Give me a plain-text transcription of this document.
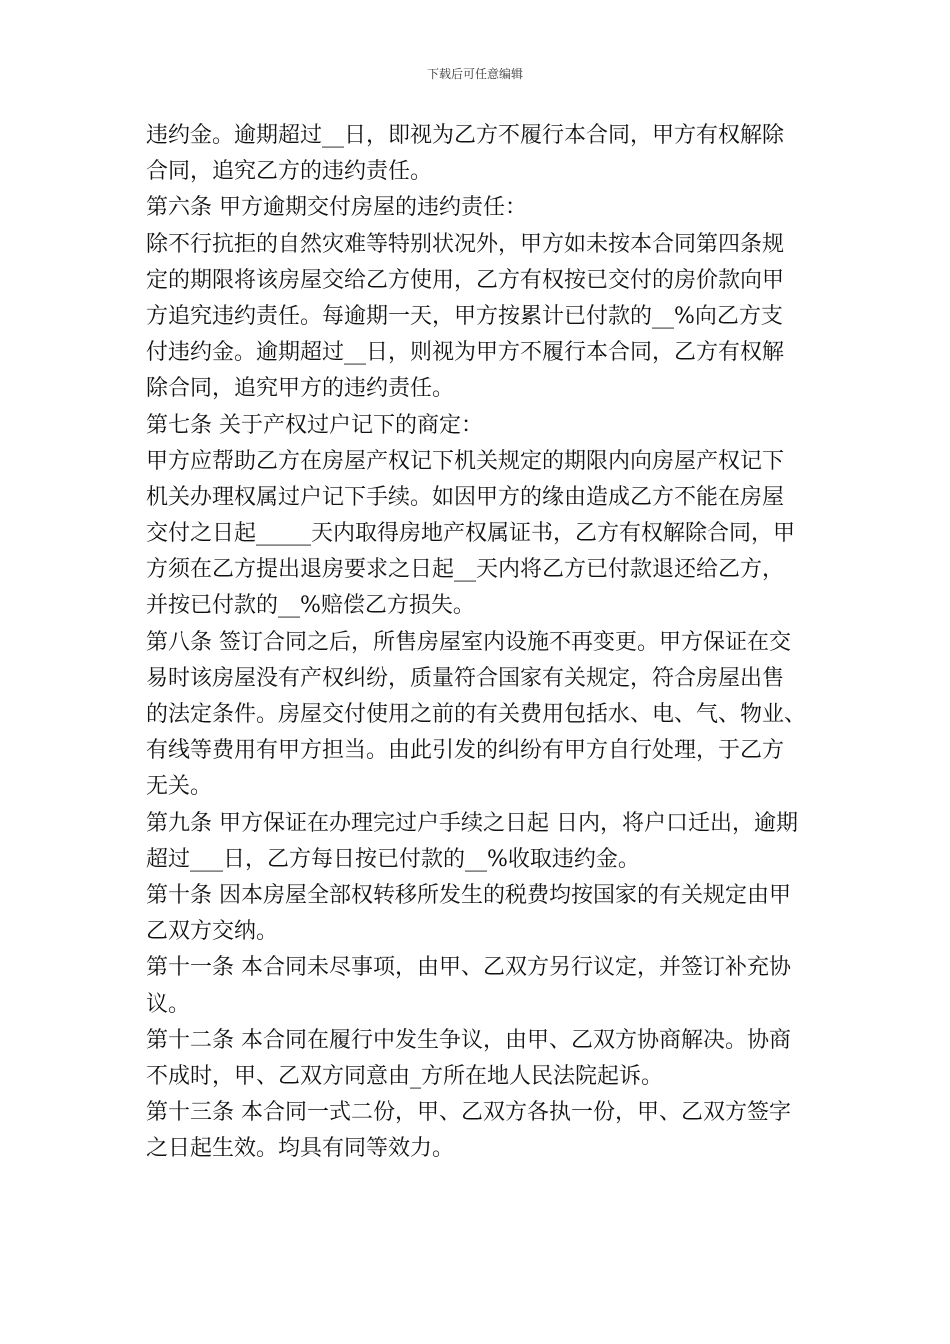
下载后可任意编辑
违约金。逾期超过__日，即视为乙方不履行本合同，甲方有权解除
合同，追究乙方的违约责任。
第六条 甲方逾期交付房屋的违约责任：
除不行抗拒的自然灾难等特别状况外，甲方如未按本合同第四条规
定的期限将该房屋交给乙方使用，乙方有权按已交付的房价款向甲
方追究违约责任。每逾期一天，甲方按累计已付款的__%向乙方支
付违约金。逾期超过__日，则视为甲方不履行本合同，乙方有权解
除合同，追究甲方的违约责任。
第七条 关于产权过户记下的商定：
甲方应帮助乙方在房屋产权记下机关规定的期限内向房屋产权记下
机关办理权属过户记下手续。如因甲方的缘由造成乙方不能在房屋
交付之日起_____天内取得房地产权属证书，乙方有权解除合同，甲
方须在乙方提出退房要求之日起__天内将乙方已付款退还给乙方，
并按已付款的__%赔偿乙方损失。
第八条 签订合同之后，所售房屋室内设施不再变更。甲方保证在交
易时该房屋没有产权纠纷，质量符合国家有关规定，符合房屋出售
的法定条件。房屋交付使用之前的有关费用包括水、电、气、物业、
有线等费用有甲方担当。由此引发的纠纷有甲方自行处理，于乙方
无关。
第九条 甲方保证在办理完过户手续之日起 日内，将户口迁出，逾期
超过___日，乙方每日按已付款的__%收取违约金。
第十条 因本房屋全部权转移所发生的税费均按国家的有关规定由甲
乙双方交纳。
第十一条 本合同未尽事项，由甲、乙双方另行议定，并签订补充协
议。
第十二条 本合同在履行中发生争议，由甲、乙双方协商解决。协商
不成时，甲、乙双方同意由_方所在地人民法院起诉。
第十三条 本合同一式二份，甲、乙双方各执一份，甲、乙双方签字
之日起生效。均具有同等效力。
